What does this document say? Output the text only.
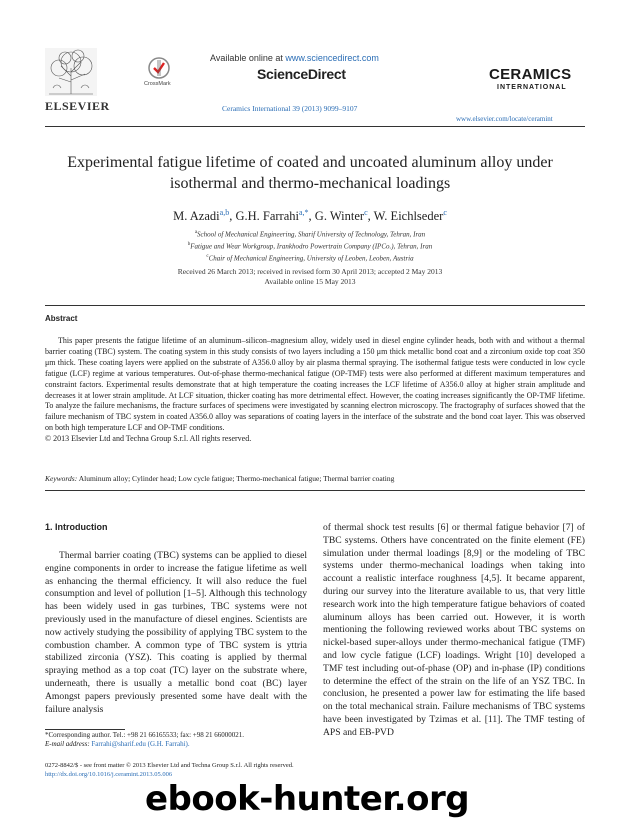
ELSEVIER
Available online at www.sciencedirect.com
CrossMark
ScienceDirect
Ceramics International 39 (2013) 9099–9107
CERAMICS
INTERNATIONAL
www.elsevier.com/locate/ceramint
Experimental fatigue lifetime of coated and uncoated aluminum alloy under
isothermal and thermo-mechanical loadings
M. Azadi$^{a,b}$, G.H. Farrahi$^{a,*}$, G. Winter$^c$, W. Eichlseder$^c$
$^a$School of Mechanical Engineering, Sharif University of Technology, Tehran, Iran
$^b$Fatigue and Wear Workgroup, Irankhodro Powertrain Company (IPCo.), Tehran, Iran
$^c$Chair of Mechanical Engineering, University of Leoben, Leoben, Austria
Received 26 March 2013; received in revised form 30 April 2013; accepted 2 May 2013
Available online 15 May 2013
Abstract
This paper presents the fatigue lifetime of an aluminum–silicon–magnesium alloy, widely used in diesel engine cylinder heads, both with and without a thermal barrier coating (TBC) system. The coating system in this study consists of two layers including a 150 μm thick metallic bond coat and a zirconium oxide top coat 350 μm thick. These coating layers were applied on the substrate of A356.0 alloy by air plasma thermal spraying. The isothermal fatigue tests were conducted in low cycle fatigue (LCF) regime at various temperatures. Out-of-phase thermo-mechanical fatigue (OP-TMF) tests were also performed at different maximum temperatures and constraint factors. Experimental results demonstrate that at high temperature the coating increases the LCF lifetime of A356.0 alloy at higher strain amplitude and decreases it at lower strain amplitude. At LCF situation, thicker coating has more detrimental effect. However, the coating increases significantly the OP-TMF lifetime. To analyze the failure mechanisms, the fracture surfaces of specimens were investigated by scanning electron microscopy. The fractography of surfaces showed that the failure mechanism of TBC system in coated A356.0 alloy was separations of coating layers in the interface of the substrate and the bond coat layer. This was observed on both high temperature LCF and OP-TMF conditions.
© 2013 Elsevier Ltd and Techna Group S.r.l. All rights reserved.
Keywords: Aluminum alloy; Cylinder head; Low cycle fatigue; Thermo-mechanical fatigue; Thermal barrier coating
1. Introduction
Thermal barrier coating (TBC) systems can be applied to diesel engine components in order to increase the fatigue lifetime as well as enhancing the thermal efficiency. It will also reduce the fuel consumption and level of pollution [1–5]. Although this technology has been widely used in gas turbines, TBC systems were not previously used in the manufacture of diesel engines. Scientists are now actively studying the possibility of applying TBC system to the combustion chamber. A common type of TBC system is yttria stabilized zirconia (YSZ). This coating is applied by thermal spraying method as a top coat (TC) layer on the substrate where, underneath, there is usually a metallic bond coat (BC) layer Amongst papers previously presented some have dealt with the failure analysis
of thermal shock test results [6] or thermal fatigue behavior [7] of TBC systems. Others have concentrated on the finite element (FE) simulation under thermal loadings [8,9] or the modeling of TBC systems under thermo-mechanical loadings when taking into account a realistic interface roughness [4,5]. It became apparent, during our survey into the literature available to us, that very little research work into the high temperature fatigue behaviors of coated aluminum alloys has been carried out. However, it is worth mentioning the following reviewed works about TBC systems on nickel-based super-alloys under thermo-mechanical fatigue (TMF) and low cycle fatigue (LCF) loadings. Wright [10] developed a TMF test including out-of-phase (OP) and in-phase (IP) conditions to determine the effect of the strain on the life of an YSZ TBC. In conclusion, he presented a power law for estimating the life based on the total mechanical strain. Failure mechanisms of TBC systems have been investigated by Tzimas et al. [11]. The TMF testing of APS and EB-PVD
*Corresponding author. Tel.: +98 21 66165533; fax: +98 21 66000021.
E-mail address: Farrahi@sharif.edu (G.H. Farrahi).
0272-8842/$ - see front matter © 2013 Elsevier Ltd and Techna Group S.r.l. All rights reserved.
http://dx.doi.org/10.1016/j.ceramint.2013.05.006
ebook-hunter.org
